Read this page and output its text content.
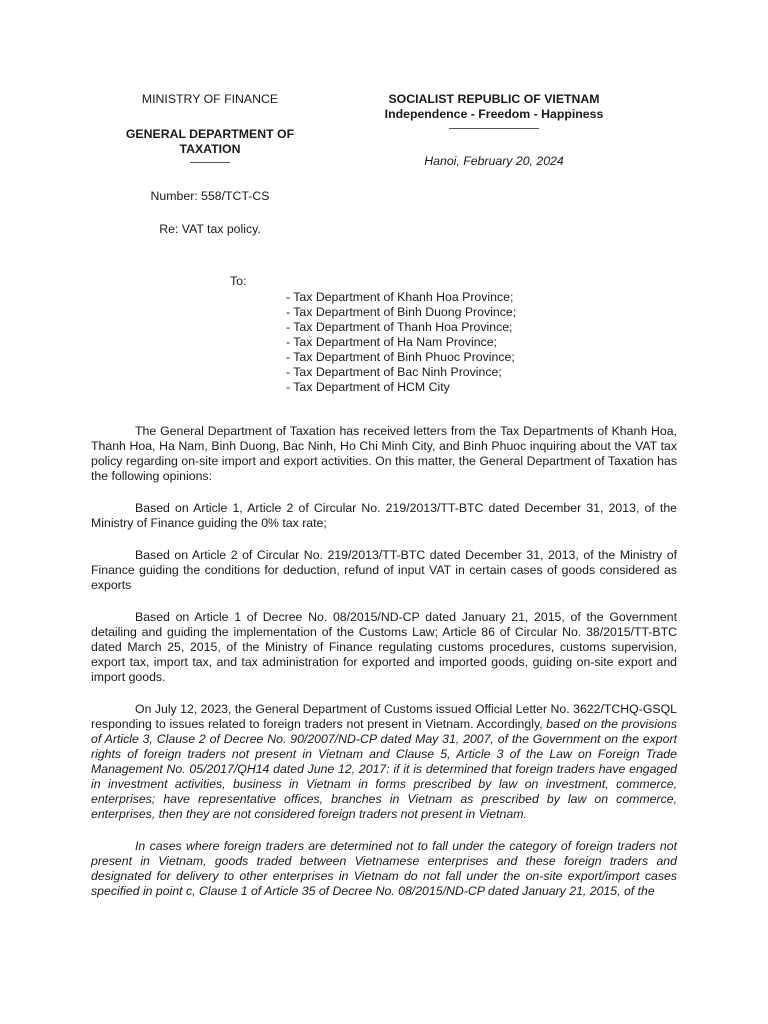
MINISTRY OF FINANCE
GENERAL DEPARTMENT OF TAXATION
Number: 558/TCT-CS
Re: VAT tax policy.
SOCIALIST REPUBLIC OF VIETNAM
Independence - Freedom - Happiness
Hanoi, February 20, 2024
To:
- Tax Department of Khanh Hoa Province;
- Tax Department of Binh Duong Province;
- Tax Department of Thanh Hoa Province;
- Tax Department of Ha Nam Province;
- Tax Department of Binh Phuoc Province;
- Tax Department of Bac Ninh Province;
- Tax Department of HCM City

The General Department of Taxation has received letters from the Tax Departments of Khanh Hoa, Thanh Hoa, Ha Nam, Binh Duong, Bac Ninh, Ho Chi Minh City, and Binh Phuoc inquiring about the VAT tax policy regarding on-site import and export activities. On this matter, the General Department of Taxation has the following opinions:

Based on Article 1, Article 2 of Circular No. 219/2013/TT-BTC dated December 31, 2013, of the Ministry of Finance guiding the 0% tax rate;

Based on Article 2 of Circular No. 219/2013/TT-BTC dated December 31, 2013, of the Ministry of Finance guiding the conditions for deduction, refund of input VAT in certain cases of goods considered as exports

Based on Article 1 of Decree No. 08/2015/ND-CP dated January 21, 2015, of the Government detailing and guiding the implementation of the Customs Law; Article 86 of Circular No. 38/2015/TT-BTC dated March 25, 2015, of the Ministry of Finance regulating customs procedures, customs supervision, export tax, import tax, and tax administration for exported and imported goods, guiding on-site export and import goods.

On July 12, 2023, the General Department of Customs issued Official Letter No. 3622/TCHQ-GSQL responding to issues related to foreign traders not present in Vietnam. Accordingly, based on the provisions of Article 3, Clause 2 of Decree No. 90/2007/ND-CP dated May 31, 2007, of the Government on the export rights of foreign traders not present in Vietnam and Clause 5, Article 3 of the Law on Foreign Trade Management No. 05/2017/QH14 dated June 12, 2017: if it is determined that foreign traders have engaged in investment activities, business in Vietnam in forms prescribed by law on investment, commerce, enterprises; have representative offices, branches in Vietnam as prescribed by law on commerce, enterprises, then they are not considered foreign traders not present in Vietnam.

In cases where foreign traders are determined not to fall under the category of foreign traders not present in Vietnam, goods traded between Vietnamese enterprises and these foreign traders and designated for delivery to other enterprises in Vietnam do not fall under the on-site export/import cases specified in point c, Clause 1 of Article 35 of Decree No. 08/2015/ND-CP dated January 21, 2015, of the
